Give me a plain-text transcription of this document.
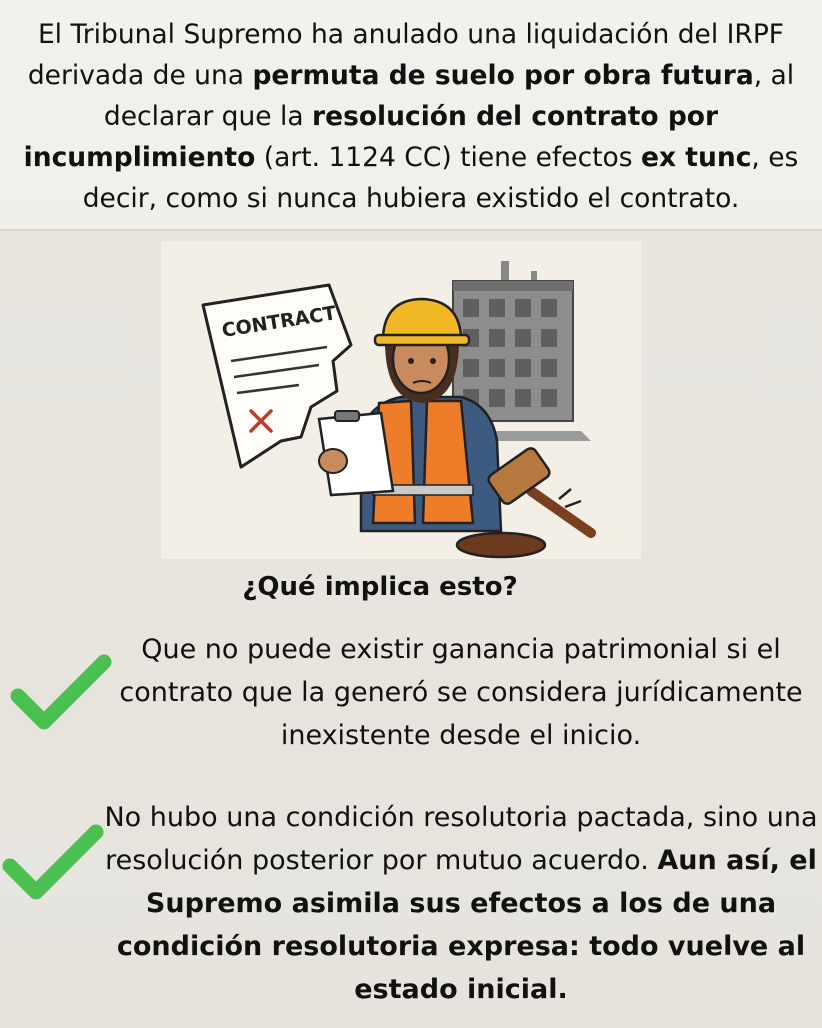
El Tribunal Supremo ha anulado una liquidación del IRPF derivada de una permuta de suelo por obra futura, al declarar que la resolución del contrato por incumplimiento (art. 1124 CC) tiene efectos ex tunc, es decir, como si nunca hubiera existido el contrato.
CONTRACT
¿Qué implica esto?
Que no puede existir ganancia patrimonial si el contrato que la generó se considera jurídicamente inexistente desde el inicio.
No hubo una condición resolutoria pactada, sino una resolución posterior por mutuo acuerdo. Aun así, el Supremo asimila sus efectos a los de una condición resolutoria expresa: todo vuelve al estado inicial.
